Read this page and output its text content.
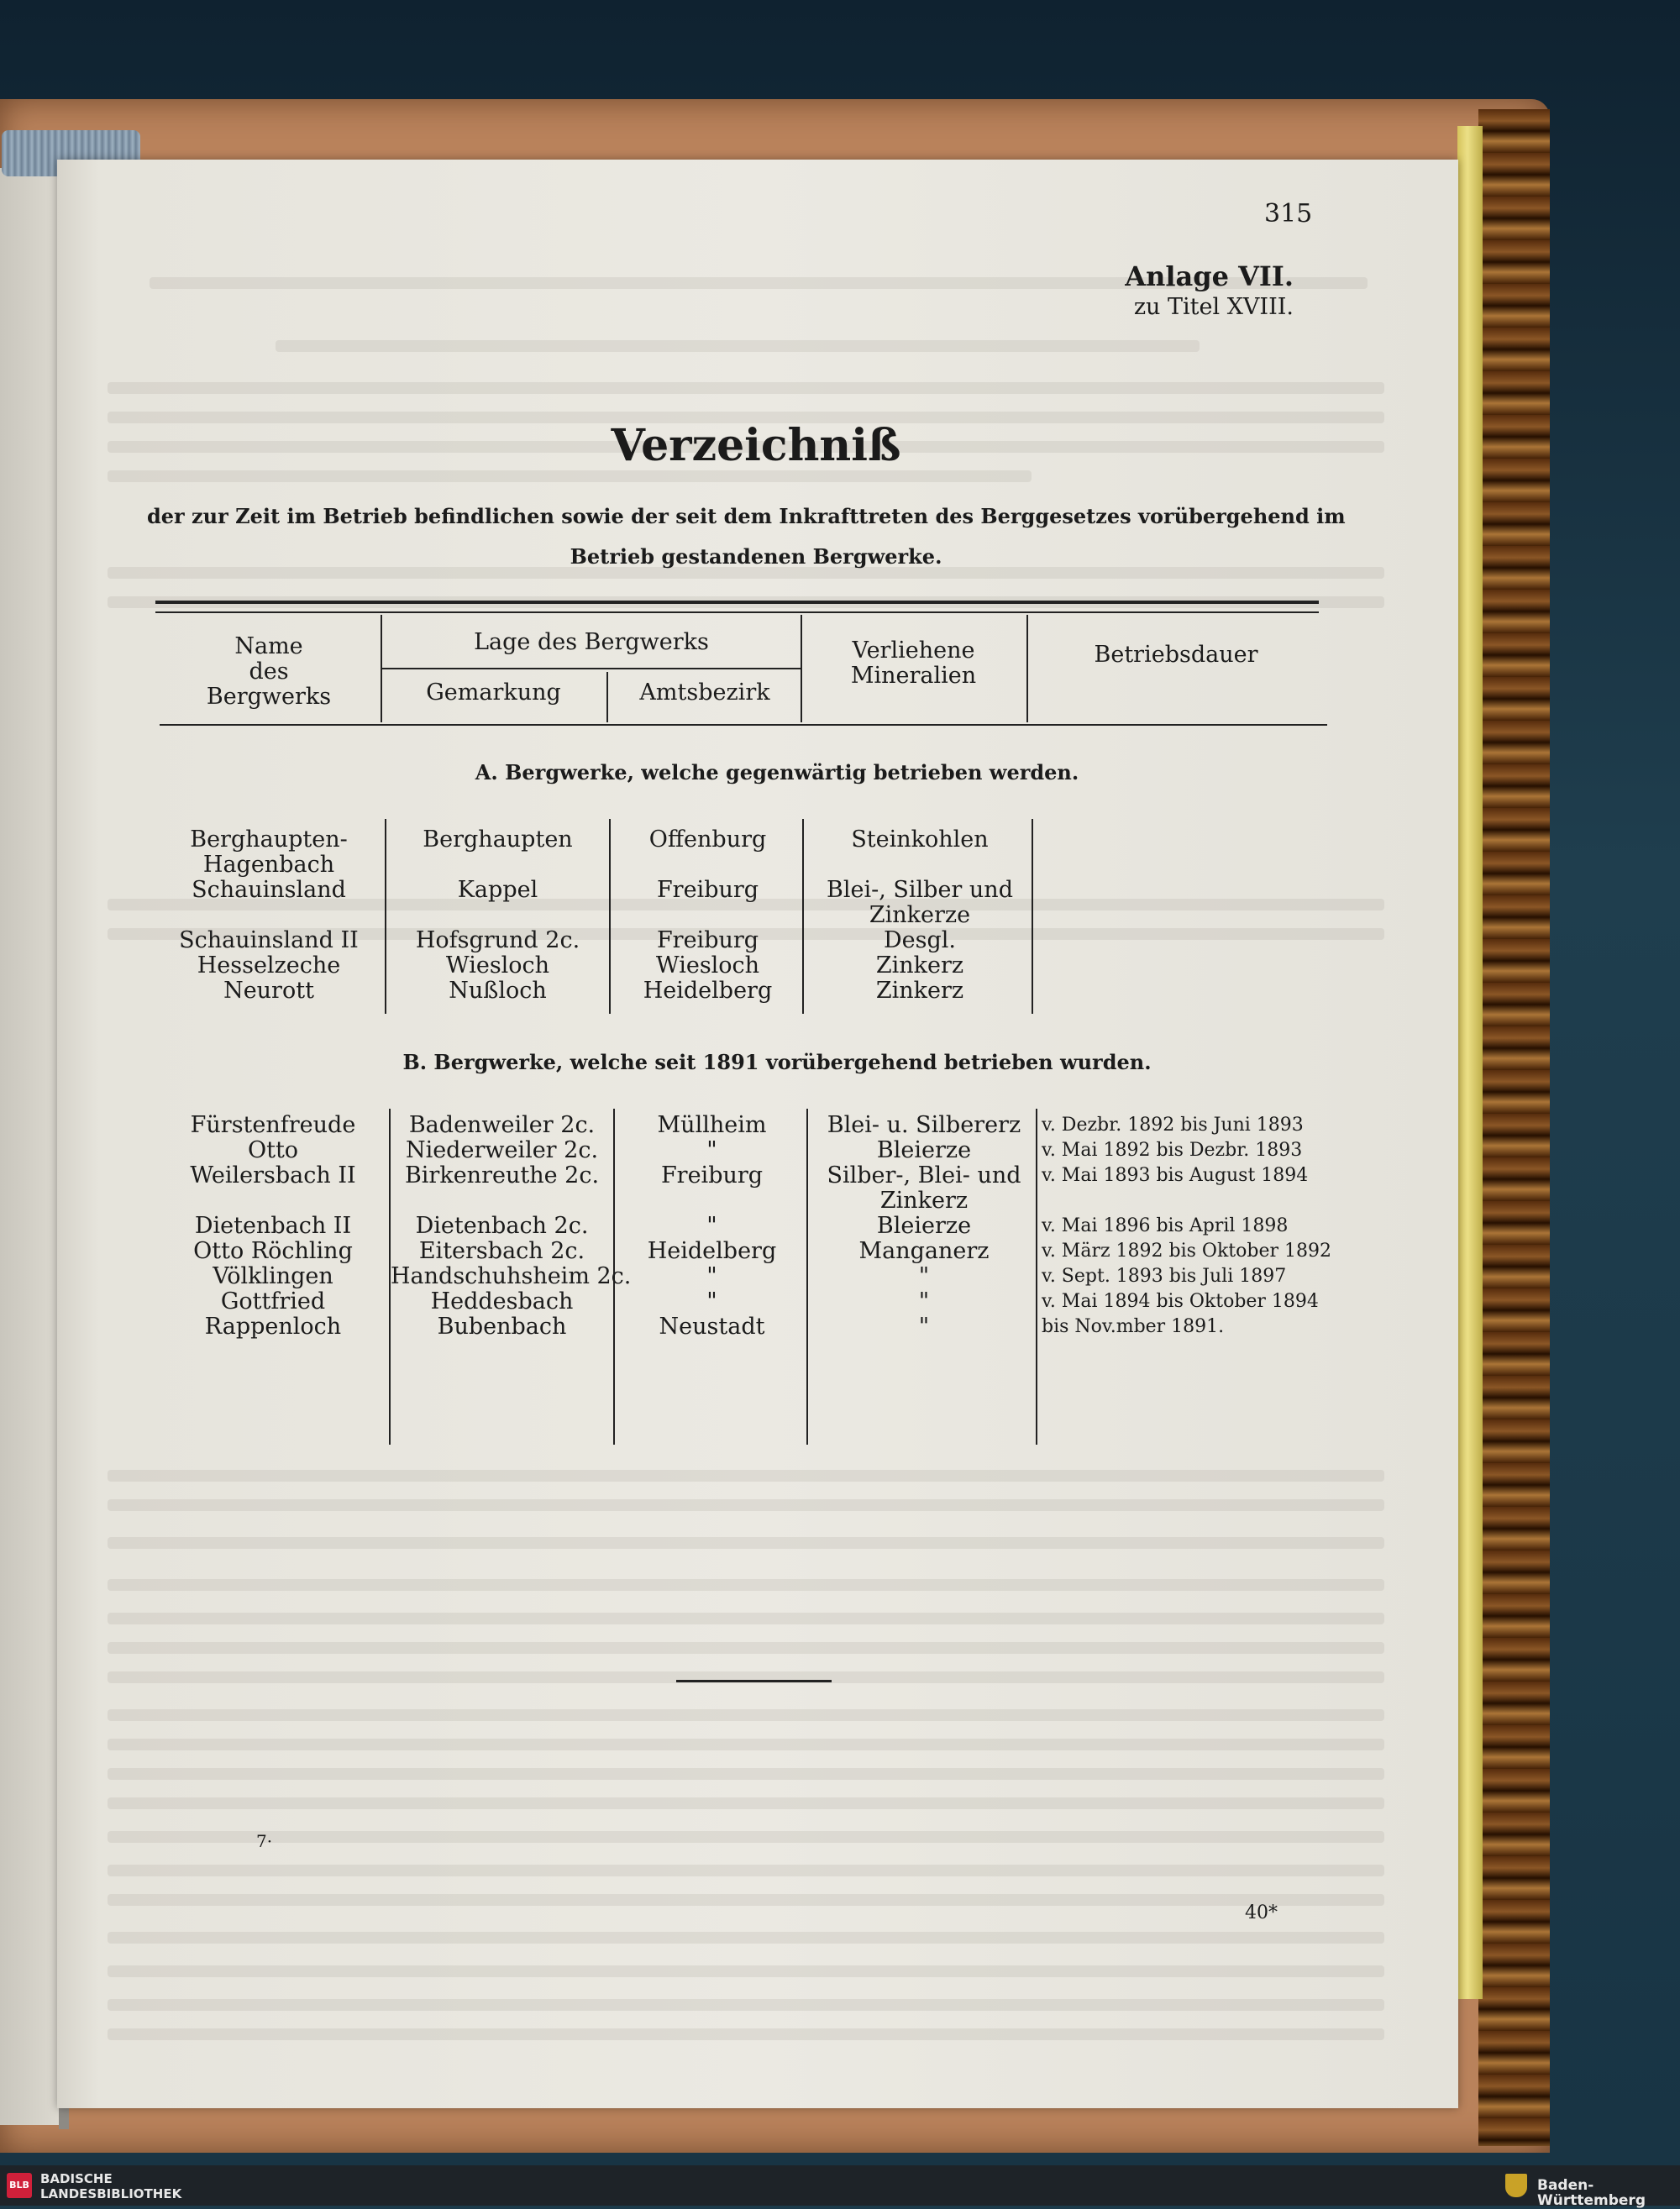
315
Anlage VII.
zu Titel XVIII.
Verzeichniß
der zur Zeit im Betrieb befindlichen sowie der seit dem Inkrafttreten des Berggesetzes vorübergehend im
Betrieb gestandenen Bergwerke.
Name
des
Bergwerks
Lage des Bergwerks
Gemarkung	Amtsbezirk
Verliehene
Mineralien
Betriebsdauer
A. Bergwerke, welche gegenwärtig betrieben werden.
Berghaupten-	Berghaupten	Offenburg	Steinkohlen
Hagenbach
Schauinsland	Kappel	Freiburg	Blei-, Silber und
Zinkerze
Schauinsland II	Hofsgrund 2c.	Freiburg	Desgl.
Hesselzeche	Wiesloch	Wiesloch	Zinkerz
Neurott	Nußloch	Heidelberg	Zinkerz
B. Bergwerke, welche seit 1891 vorübergehend betrieben wurden.
Fürstenfreude	Badenweiler 2c.	Müllheim	Blei- u. Silbererz	v. Dezbr. 1892 bis Juni 1893
Otto	Niederweiler 2c.	"	Bleierze	v. Mai 1892 bis Dezbr. 1893
Weilersbach II	Birkenreuthe 2c.	Freiburg	Silber-, Blei- und	v. Mai 1893 bis August 1894
Zinkerz
Dietenbach II	Dietenbach 2c.	"	Bleierze	v. Mai 1896 bis April 1898
Otto Röchling	Eitersbach 2c.	Heidelberg	Manganerz	v. März 1892 bis Oktober 1892
Völklingen	Handschuhsheim 2c.	"	"	v. Sept. 1893 bis Juli 1897
Gottfried	Heddesbach	"	"	v. Mai 1894 bis Oktober 1894
Rappenloch	Bubenbach	Neustadt	"	bis Nov.mber 1891.
7·
40*
BLB BADISCHE
LANDESBIBLIOTHEK	Baden-Württemberg
